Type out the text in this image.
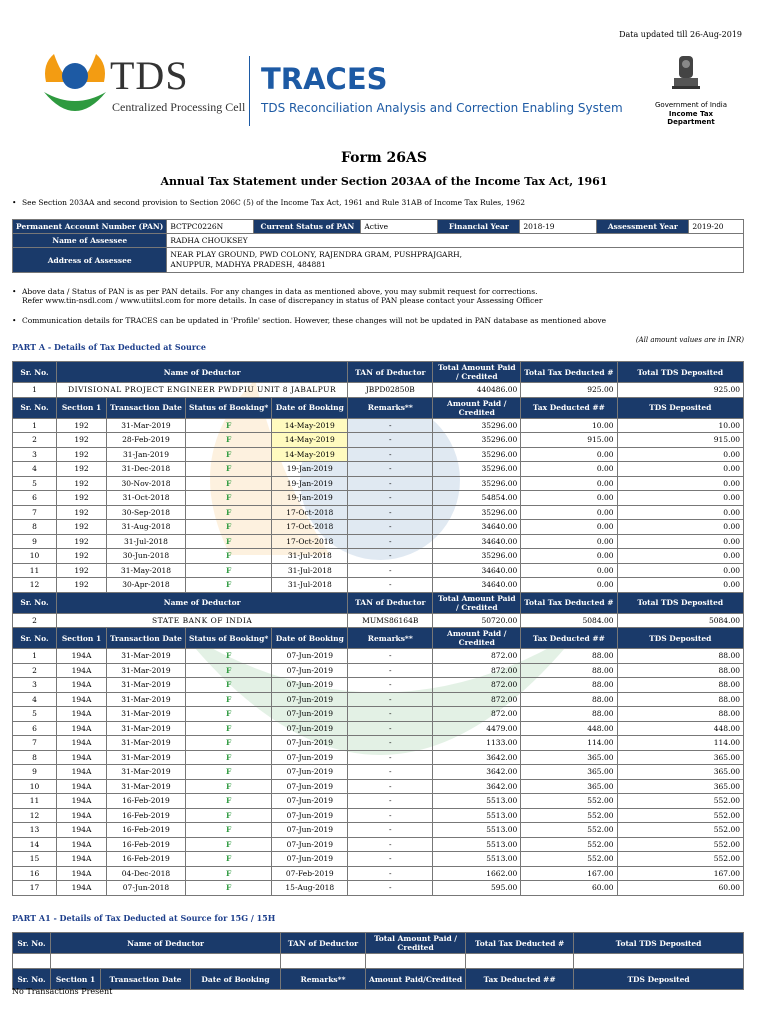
Data updated till 26-Aug-2019
TDS
Centralized Processing Cell
TRACES
TDS Reconciliation Analysis and Correction Enabling System	Government of India
Income Tax Department
Form 26AS
Annual Tax Statement under Section 203AA of the Income Tax Act, 1961
• See Section 203AA and second provision to Section 206C (5) of the Income Tax Act, 1961 and Rule 31AB of Income Tax Rules, 1962
Permanent Account Number (PAN)	BCTPC0226N	Current Status of PAN	Active	Financial Year	2018-19	Assessment Year	2019-20
Name of Assessee	RADHA CHOUKSEY						
Address of Assessee	NEAR PLAY GROUND, PWD COLONY, RAJENDRA GRAM, PUSHPRAJGARH,
ANUPPUR, MADHYA PRADESH, 484881						
• Above data / Status of PAN is as per PAN details. For any changes in data as mentioned above, you may submit request for corrections.
Refer www.tin-nsdl.com / www.utiitsl.com for more details. In case of discrepancy in status of PAN please contact your Assessing Officer
• Communication details for TRACES can be updated in 'Profile' section. However, these changes will not be updated in PAN database as mentioned above
(All amount values are in INR)
PART A - Details of Tax Deducted at Source
Sr. No.	Name of Deductor				TAN of Deductor	Total Amount Paid / Credited	Total Tax Deducted #	Total TDS Deposited
1	DIVISIONAL PROJECT ENGINEER PWDPIU UNIT 8 JABALPUR				JBPD02850B	440486.00	925.00	925.00
Sr. No.	Section 1	Transaction Date	Status of Booking*	Date of Booking	Remarks**	Amount Paid / Credited	Tax Deducted ##	TDS Deposited
1	192	31-Mar-2019	F	14-May-2019	-	35296.00	10.00	10.00
2	192	28-Feb-2019	F	14-May-2019	-	35296.00	915.00	915.00
3	192	31-Jan-2019	F	14-May-2019	-	35296.00	0.00	0.00
4	192	31-Dec-2018	F	19-Jan-2019	-	35296.00	0.00	0.00
5	192	30-Nov-2018	F	19-Jan-2019	-	35296.00	0.00	0.00
6	192	31-Oct-2018	F	19-Jan-2019	-	54854.00	0.00	0.00
7	192	30-Sep-2018	F	17-Oct-2018	-	35296.00	0.00	0.00
8	192	31-Aug-2018	F	17-Oct-2018	-	34640.00	0.00	0.00
9	192	31-Jul-2018	F	17-Oct-2018	-	34640.00	0.00	0.00
10	192	30-Jun-2018	F	31-Jul-2018	-	35296.00	0.00	0.00
11	192	31-May-2018	F	31-Jul-2018	-	34640.00	0.00	0.00
12	192	30-Apr-2018	F	31-Jul-2018	-	34640.00	0.00	0.00
Sr. No.	Name of Deductor				TAN of Deductor	Total Amount Paid / Credited	Total Tax Deducted #	Total TDS Deposited
2	STATE BANK OF INDIA				MUMS86164B	50720.00	5084.00	5084.00
Sr. No.	Section 1	Transaction Date	Status of Booking*	Date of Booking	Remarks**	Amount Paid / Credited	Tax Deducted ##	TDS Deposited
1	194A	31-Mar-2019	F	07-Jun-2019	-	872.00	88.00	88.00
2	194A	31-Mar-2019	F	07-Jun-2019	-	872.00	88.00	88.00
3	194A	31-Mar-2019	F	07-Jun-2019	-	872.00	88.00	88.00
4	194A	31-Mar-2019	F	07-Jun-2019	-	872.00	88.00	88.00
5	194A	31-Mar-2019	F	07-Jun-2019	-	872.00	88.00	88.00
6	194A	31-Mar-2019	F	07-Jun-2019	-	4479.00	448.00	448.00
7	194A	31-Mar-2019	F	07-Jun-2019	-	1133.00	114.00	114.00
8	194A	31-Mar-2019	F	07-Jun-2019	-	3642.00	365.00	365.00
9	194A	31-Mar-2019	F	07-Jun-2019	-	3642.00	365.00	365.00
10	194A	31-Mar-2019	F	07-Jun-2019	-	3642.00	365.00	365.00
11	194A	16-Feb-2019	F	07-Jun-2019	-	5513.00	552.00	552.00
12	194A	16-Feb-2019	F	07-Jun-2019	-	5513.00	552.00	552.00
13	194A	16-Feb-2019	F	07-Jun-2019	-	5513.00	552.00	552.00
14	194A	16-Feb-2019	F	07-Jun-2019	-	5513.00	552.00	552.00
15	194A	16-Feb-2019	F	07-Jun-2019	-	5513.00	552.00	552.00
16	194A	04-Dec-2018	F	07-Feb-2019	-	1662.00	167.00	167.00
17	194A	07-Jun-2018	F	15-Aug-2018	-	595.00	60.00	60.00
PART A1 - Details of Tax Deducted at Source for 15G / 15H
Sr. No.	Name of Deductor			TAN of Deductor	Total Amount Paid / Credited	Total Tax Deducted #	Total TDS Deposited

Sr. No.	Section 1	Transaction Date	Date of Booking	Remarks**	Amount Paid/Credited	Tax Deducted ##	TDS Deposited
No Transactions Present
